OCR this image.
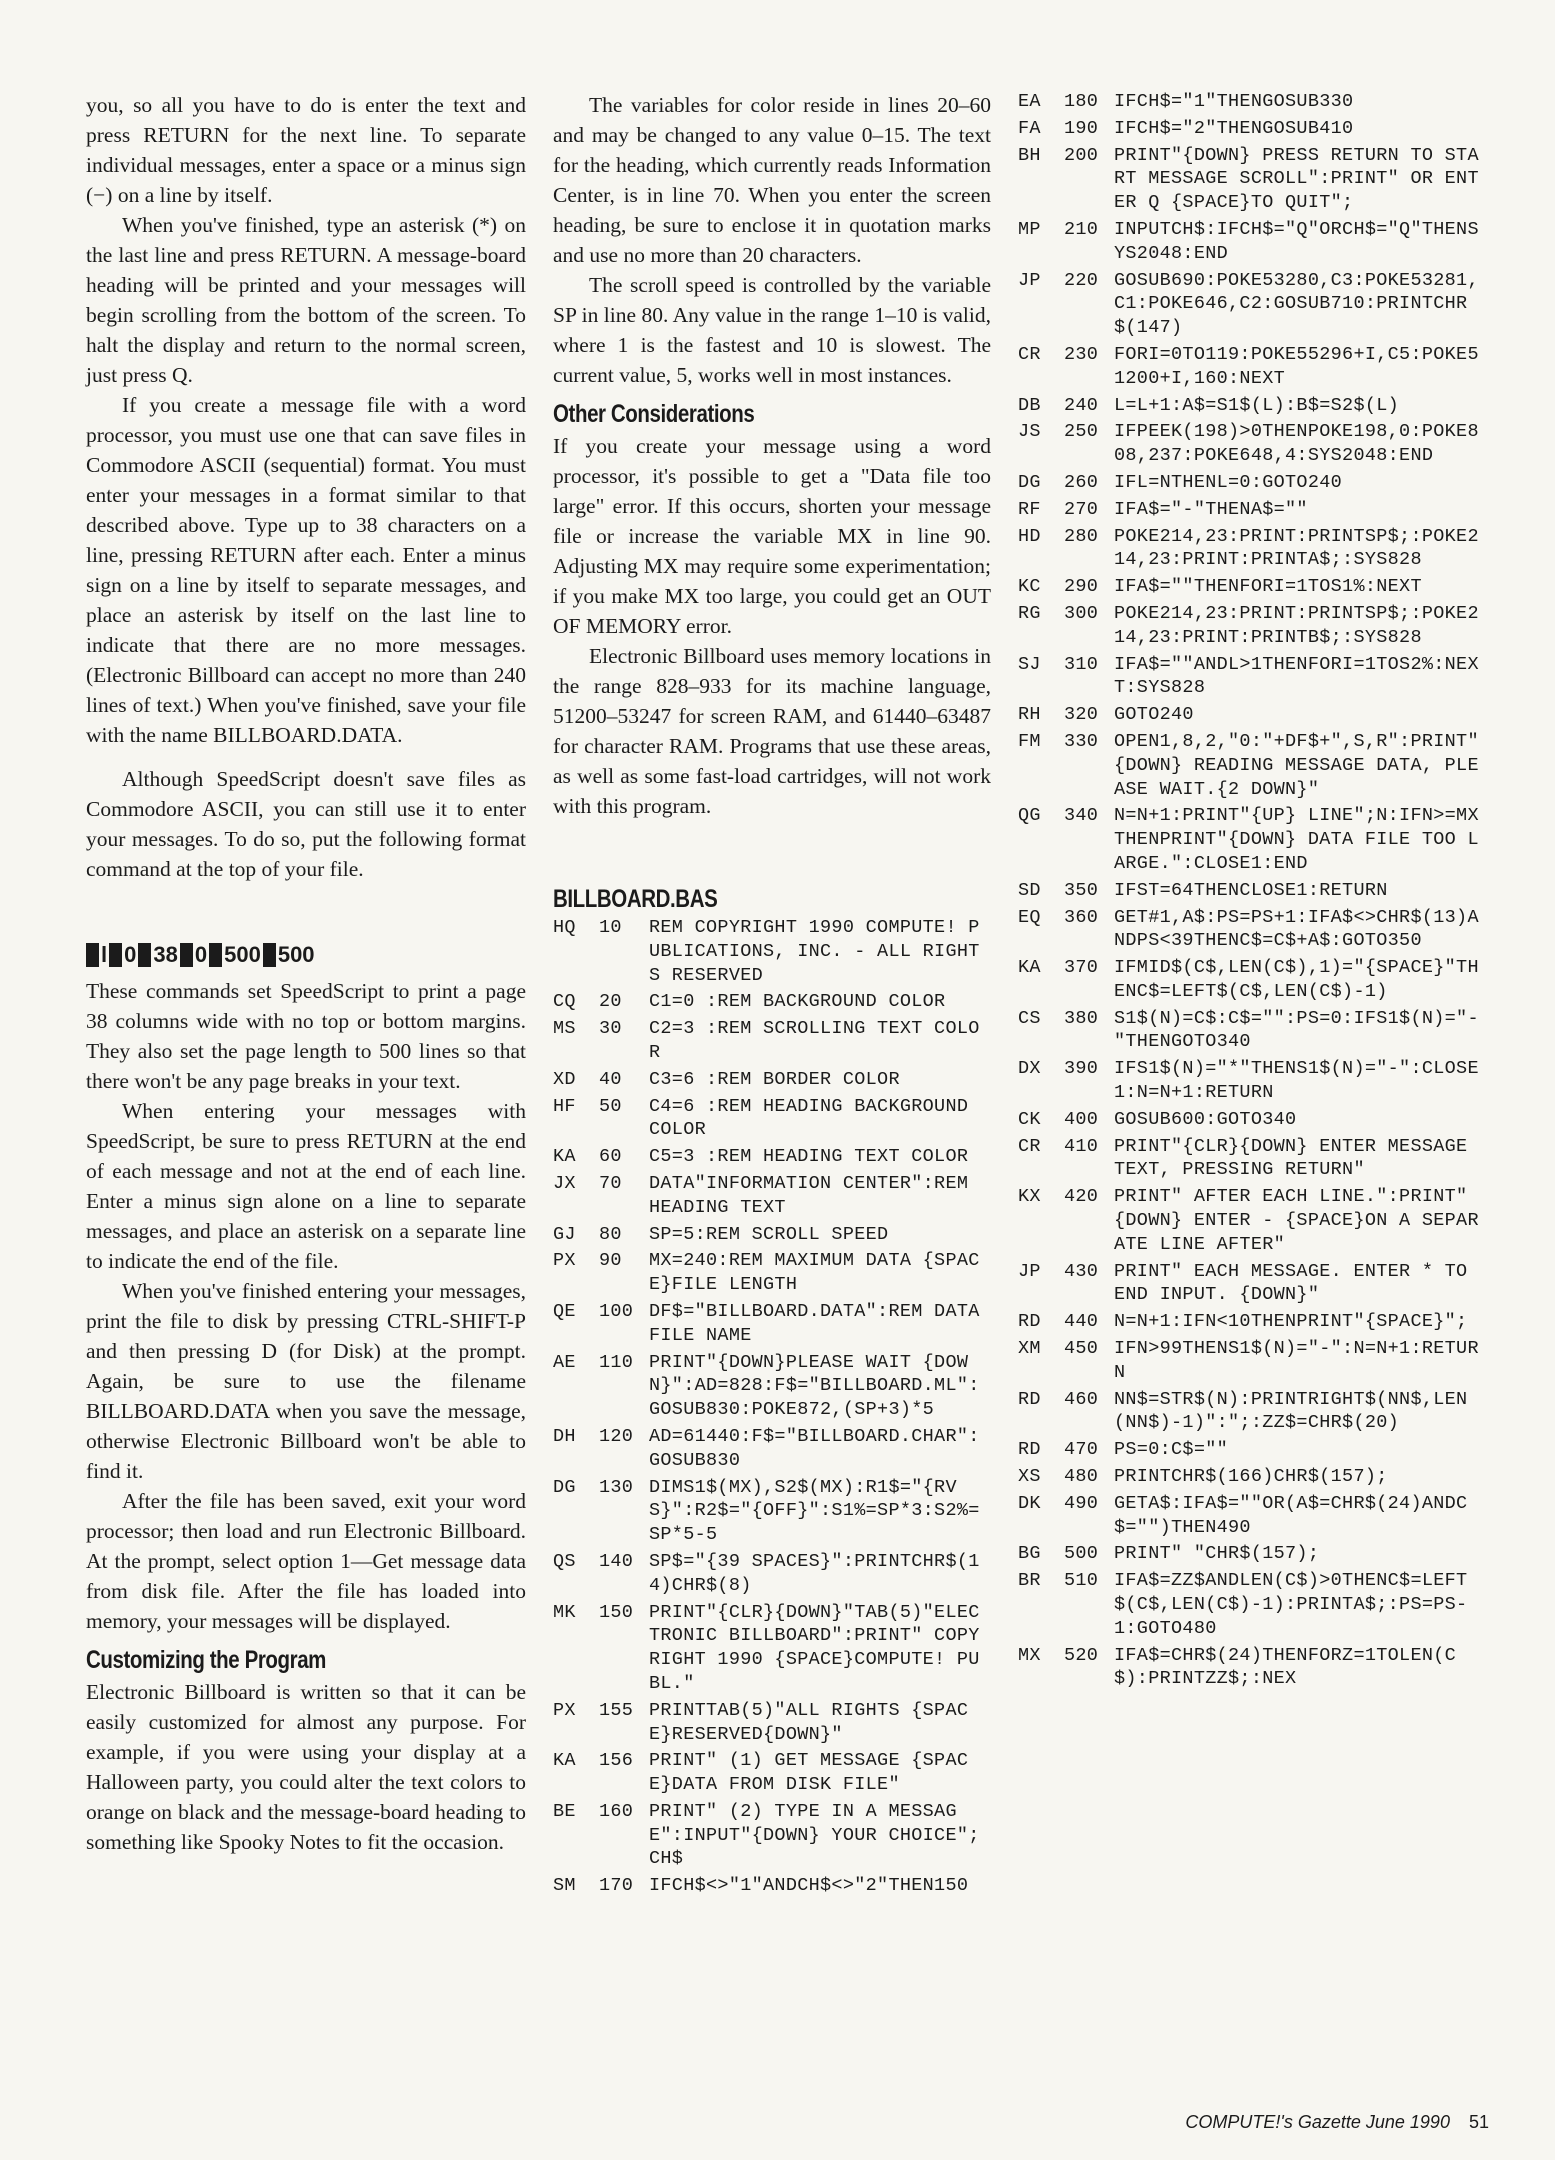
you, so all you have to do is enter the text and press RETURN for the next line. To separate individual messages, enter a space or a minus sign (−) on a line by itself.

When you've finished, type an asterisk (*) on the last line and press RETURN. A message-board heading will be printed and your messages will begin scrolling from the bottom of the screen. To halt the display and return to the normal screen, just press Q.

If you create a message file with a word processor, you must use one that can save files in Commodore ASCII (sequential) format. You must enter your messages in a format similar to that described above. Type up to 38 characters on a line, pressing RETURN after each. Enter a minus sign on a line by itself to separate messages, and place an asterisk by itself on the last line to indicate that there are no more messages. (Electronic Billboard can accept no more than 240 lines of text.) When you've finished, save your file with the name BILLBOARD.DATA.

Although SpeedScript doesn't save files as Commodore ASCII, you can still use it to enter your messages. To do so, put the following format command at the top of your file.

l 0 38 0 500 500

These commands set SpeedScript to print a page 38 columns wide with no top or bottom margins. They also set the page length to 500 lines so that there won't be any page breaks in your text.

When entering your messages with SpeedScript, be sure to press RETURN at the end of each message and not at the end of each line. Enter a minus sign alone on a line to separate messages, and place an asterisk on a separate line to indicate the end of the file.

When you've finished entering your messages, print the file to disk by pressing CTRL-SHIFT-P and then pressing D (for Disk) at the prompt. Again, be sure to use the filename BILLBOARD.DATA when you save the message, otherwise Electronic Billboard won't be able to find it.

After the file has been saved, exit your word processor; then load and run Electronic Billboard. At the prompt, select option 1—Get message data from disk file. After the file has loaded into memory, your messages will be displayed.

Customizing the Program

Electronic Billboard is written so that it can be easily customized for almost any purpose. For example, if you were using your display at a Halloween party, you could alter the text colors to orange on black and the message-board heading to something like Spooky Notes to fit the occasion.

The variables for color reside in lines 20–60 and may be changed to any value 0–15. The text for the heading, which currently reads Information Center, is in line 70. When you enter the screen heading, be sure to enclose it in quotation marks and use no more than 20 characters.

The scroll speed is controlled by the variable SP in line 80. Any value in the range 1–10 is valid, where 1 is the fastest and 10 is slowest. The current value, 5, works well in most instances.

Other Considerations

If you create your message using a word processor, it's possible to get a "Data file too large" error. If this occurs, shorten your message file or increase the variable MX in line 90. Adjusting MX may require some experimentation; if you make MX too large, you could get an OUT OF MEMORY error.

Electronic Billboard uses memory locations in the range 828–933 for its machine language, 51200–53247 for screen RAM, and 61440–63487 for character RAM. Programs that use these areas, as well as some fast-load cartridges, will not work with this program.

BILLBOARD.BAS
HQ	10	REM COPYRIGHT 1990 COMPUTE! PUBLICATIONS, INC. - ALL RIGHTS RESERVED
CQ	20	C1=0 :REM BACKGROUND COLOR
MS	30	C2=3 :REM SCROLLING TEXT COLOR
XD	40	C3=6 :REM BORDER COLOR
HF	50	C4=6 :REM HEADING BACKGROUND COLOR
KA	60	C5=3 :REM HEADING TEXT COLOR
JX	70	DATA"INFORMATION CENTER":REM HEADING TEXT
GJ	80	SP=5:REM SCROLL SPEED
PX	90	MX=240:REM MAXIMUM DATA {SPACE}FILE LENGTH
QE	100 DF$="BILLBOARD.DATA":REM DATA FILE NAME
AE	110 PRINT"{DOWN}PLEASE WAIT {DOWN}":AD=828:F$="BILLBOARD.ML":GOSUB830:POKE872,(SP+3)*5
DH	120 AD=61440:F$="BILLBOARD.CHAR":GOSUB830
DG	130 DIMS1$(MX),S2$(MX):R1$="{RVS}":R2$="{OFF}":S1%=SP*3:S2%=SP*5-5
QS	140 SP$="{39 SPACES}":PRINTCHR$(14)CHR$(8)
MK	150 PRINT"{CLR}{DOWN}"TAB(5)"ELECTRONIC BILLBOARD":PRINT" COPYRIGHT 1990 {SPACE}COMPUTE! PUBL."
PX	155 PRINTTAB(5)"ALL RIGHTS {SPACE}RESERVED{DOWN}"
KA	156 PRINT" (1) GET MESSAGE {SPACE}DATA FROM DISK FILE"
BE	160 PRINT" (2) TYPE IN A MESSAGE":INPUT"{DOWN} YOUR CHOICE";CH$
SM	170 IFCH$<>"1"ANDCH$<>"2"THEN150
EA	180 IFCH$="1"THENGOSUB330
FA	190 IFCH$="2"THENGOSUB410
BH	200 PRINT"{DOWN} PRESS RETURN TO START MESSAGE SCROLL":PRINT" OR ENTER Q {SPACE}TO QUIT";
MP	210 INPUTCH$:IFCH$="Q"ORCH$="Q"THENSYS2048:END
JP	220 GOSUB690:POKE53280,C3:POKE53281,C1:POKE646,C2:GOSUB710:PRINTCHR$(147)
CR	230 FORI=0TO119:POKE55296+I,C5:POKE51200+I,160:NEXT
DB	240 L=L+1:A$=S1$(L):B$=S2$(L)
JS	250 IFPEEK(198)>0THENPOKE198,0:POKE808,237:POKE648,4:SYS2048:END
DG	260 IFL=NTHENL=0:GOTO240
RF	270 IFA$="-"THENA$=""
HD	280 POKE214,23:PRINT:PRINTSP$;:POKE214,23:PRINT:PRINTA$;:SYS828
KC	290 IFA$=""THENFORI=1TOS1%:NEXT
RG	300 POKE214,23:PRINT:PRINTSP$;:POKE214,23:PRINT:PRINTB$;:SYS828
SJ	310 IFA$=""ANDL>1THENFORI=1TOS2%:NEXT:SYS828
RH	320 GOTO240
FM	330 OPEN1,8,2,"0:"+DF$+",S,R":PRINT"{DOWN} READING MESSAGE DATA, PLEASE WAIT.{2 DOWN}"
QG	340 N=N+1:PRINT"{UP} LINE";N:IFN>=MXTHENPRINT"{DOWN} DATA FILE TOO LARGE.":CLOSE1:END
SD	350 IFST=64THENCLOSE1:RETURN
EQ	360 GET#1,A$:PS=PS+1:IFA$<>CHR$(13)ANDPS<39THENC$=C$+A$:GOTO350
KA	370 IFMID$(C$,LEN(C$),1)="{SPACE}"THENC$=LEFT$(C$,LEN(C$)-1)
CS	380 S1$(N)=C$:C$="":PS=0:IFS1$(N)="-"THENGOTO340
DX	390 IFS1$(N)="*"THENS1$(N)="-":CLOSE1:N=N+1:RETURN
CK	400 GOSUB600:GOTO340
CR	410 PRINT"{CLR}{DOWN} ENTER MESSAGE TEXT, PRESSING RETURN"
KX	420 PRINT" AFTER EACH LINE.":PRINT"{DOWN} ENTER - {SPACE}ON A SEPARATE LINE AFTER"
JP	430 PRINT" EACH MESSAGE. ENTER * TO END INPUT. {DOWN}"
RD	440 N=N+1:IFN<10THENPRINT"{SPACE}";
XM	450 IFN>99THENS1$(N)="-":N=N+1:RETURN
RD	460 NN$=STR$(N):PRINTRIGHT$(NN$,LEN(NN$)-1)":";:ZZ$=CHR$(20)
RD	470 PS=0:C$=""
XS	480 PRINTCHR$(166)CHR$(157);
DK	490 GETA$:IFA$=""OR(A$=CHR$(24)ANDC$="")THEN490
BG	500 PRINT" "CHR$(157);
BR	510 IFA$=ZZ$ANDLEN(C$)>0THENC$=LEFT$(C$,LEN(C$)-1):PRINTA$;:PS=PS-1:GOTO480
MX	520 IFA$=CHR$(24)THENFORZ=1TOLEN(C$):PRINTZZ$;:NEX
COMPUTE!'s Gazette June 1990 51
